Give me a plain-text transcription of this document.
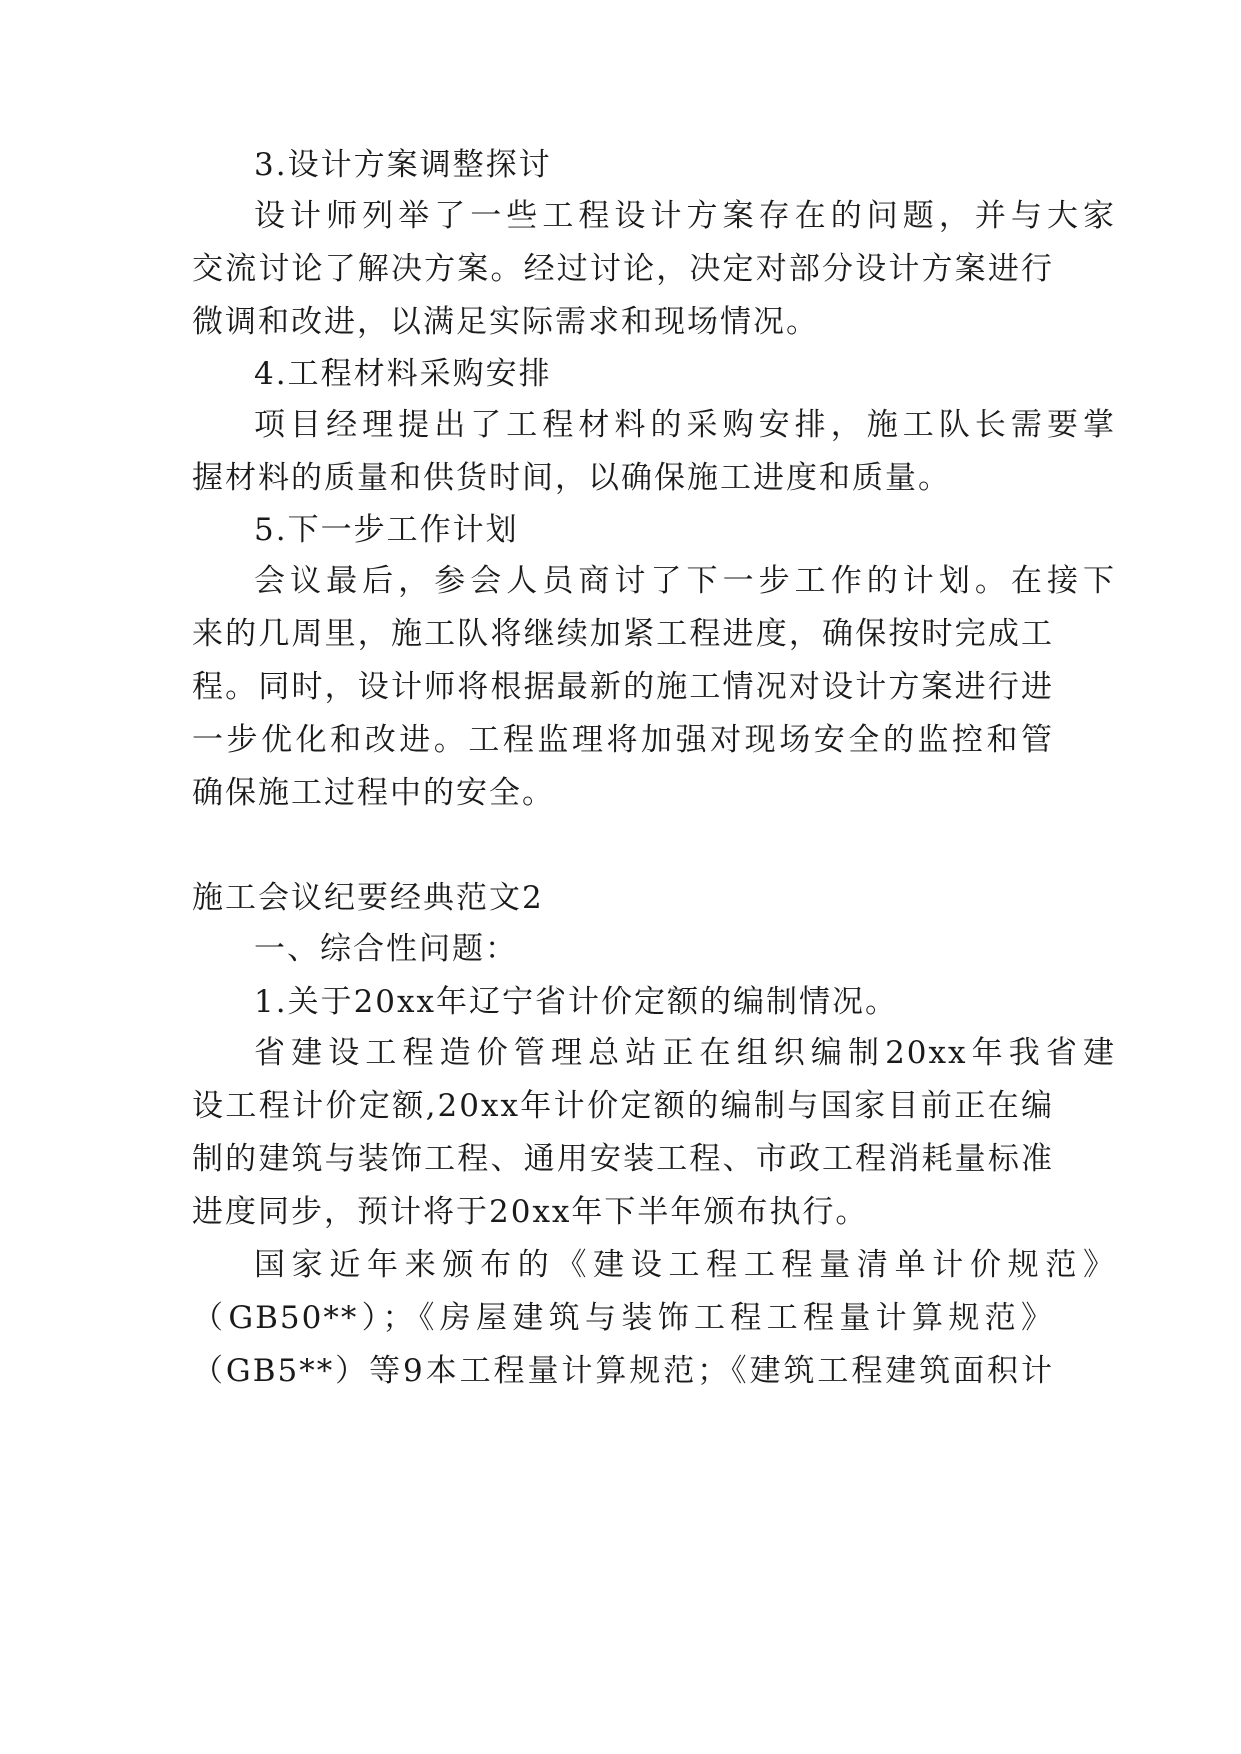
3.设计方案调整探讨
设计师列举了一些工程设计方案存在的问题，并与大家
交流讨论了解决方案。经过讨论，决定对部分设计方案进行
微调和改进，以满足实际需求和现场情况。
4.工程材料采购安排
项目经理提出了工程材料的采购安排，施工队长需要掌
握材料的质量和供货时间，以确保施工进度和质量。
5.下一步工作计划
会议最后，参会人员商讨了下一步工作的计划。在接下
来的几周里，施工队将继续加紧工程进度，确保按时完成工
程。同时，设计师将根据最新的施工情况对设计方案进行进
一步优化和改进。工程监理将加强对现场安全的监控和管
确保施工过程中的安全。
施工会议纪要经典范文2
一、综合性问题：
1.关于20xx年辽宁省计价定额的编制情况。
省建设工程造价管理总站正在组织编制20xx年我省建
设工程计价定额,20xx年计价定额的编制与国家目前正在编
制的建筑与装饰工程、通用安装工程、市政工程消耗量标准
进度同步，预计将于20xx年下半年颁布执行。
国家近年来颁布的《建设工程工程量清单计价规范》
（GB50**）；《房屋建筑与装饰工程工程量计算规范》
（GB5**）等9本工程量计算规范；《建筑工程建筑面积计
